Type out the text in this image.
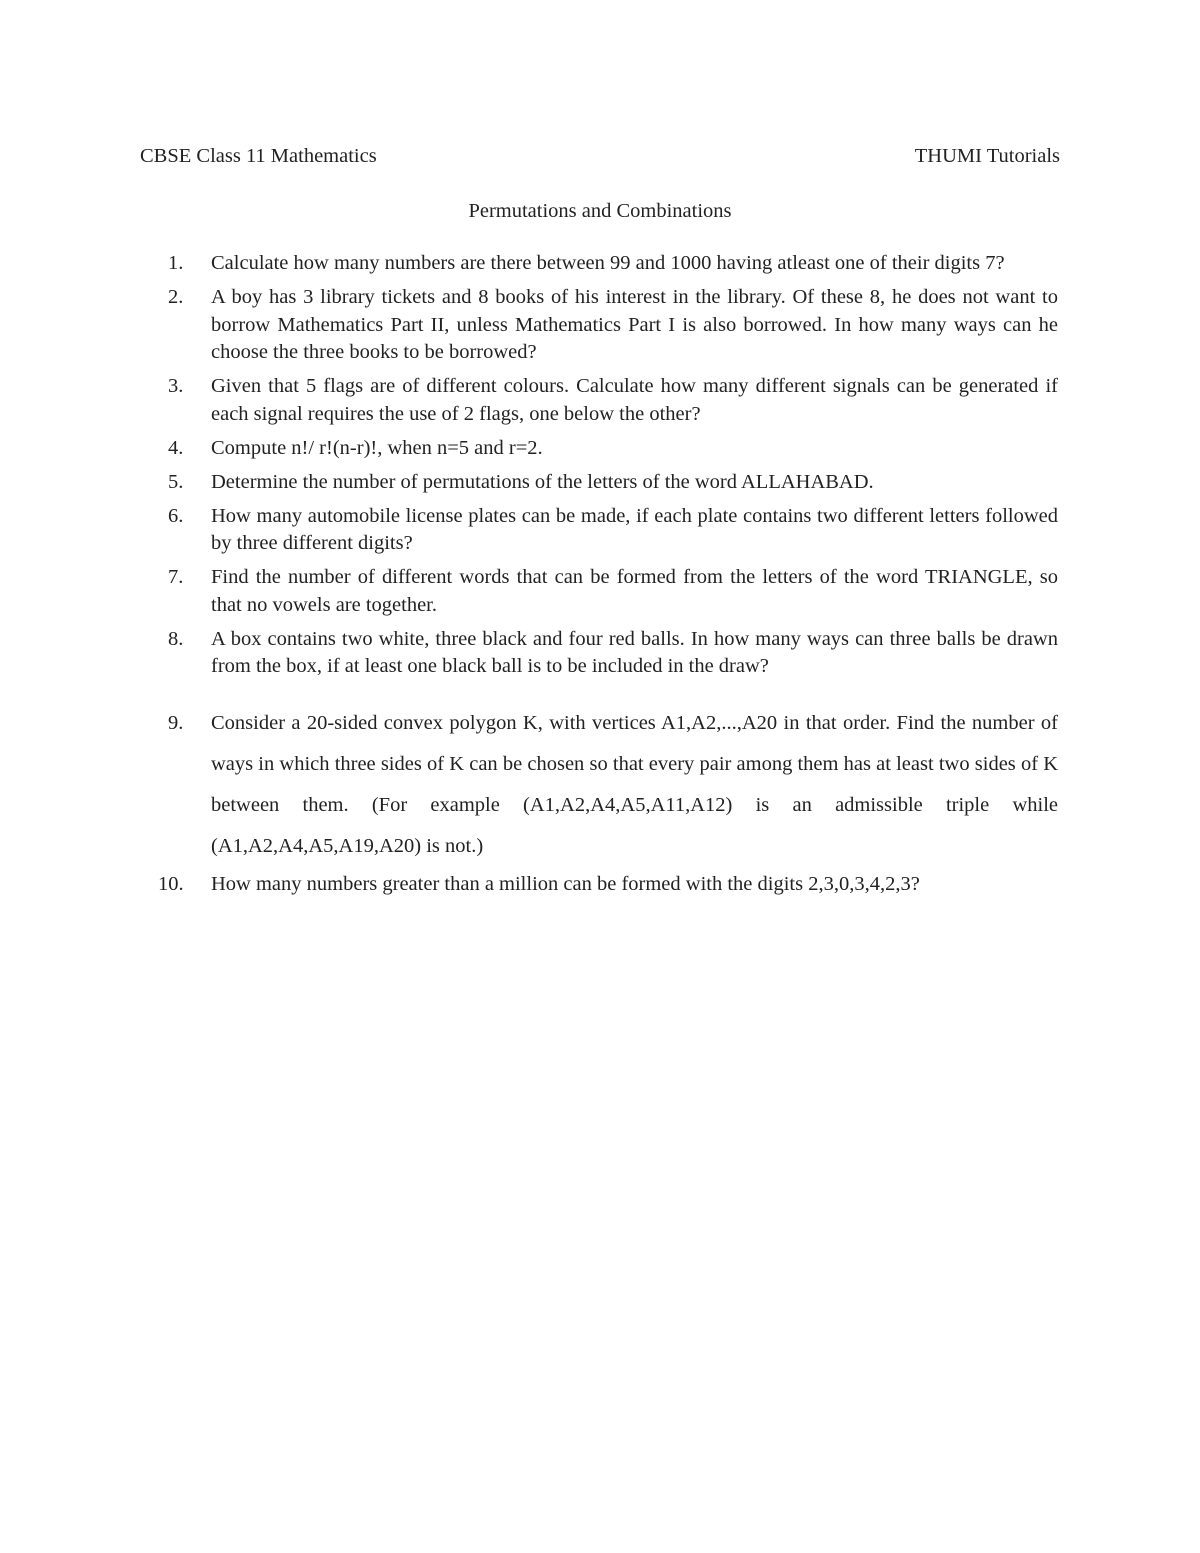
CBSE Class 11 Mathematics	THUMI Tutorials
Permutations and Combinations
1. Calculate how many numbers are there between 99 and 1000 having atleast one of their digits 7?
2. A boy has 3 library tickets and 8 books of his interest in the library. Of these 8, he does not want to borrow Mathematics Part II, unless Mathematics Part I is also borrowed. In how many ways can he choose the three books to be borrowed?
3. Given that 5 flags are of different colours. Calculate how many different signals can be generated if each signal requires the use of 2 flags, one below the other?
4. Compute n!/ r!(n-r)!, when n=5 and r=2.
5. Determine the number of permutations of the letters of the word ALLAHABAD.
6. How many automobile license plates can be made, if each plate contains two different letters followed by three different digits?
7. Find the number of different words that can be formed from the letters of the word TRIANGLE, so that no vowels are together.
8. A box contains two white, three black and four red balls. In how many ways can three balls be drawn from the box, if at least one black ball is to be included in the draw?
9. Consider a 20-sided convex polygon K, with vertices A1,A2,...,A20 in that order. Find the number of ways in which three sides of K can be chosen so that every pair among them has at least two sides of K between them. (For example (A1,A2,A4,A5,A11,A12) is an admissible triple while (A1,A2,A4,A5,A19,A20) is not.)
10. How many numbers greater than a million can be formed with the digits 2,3,0,3,4,2,3?
